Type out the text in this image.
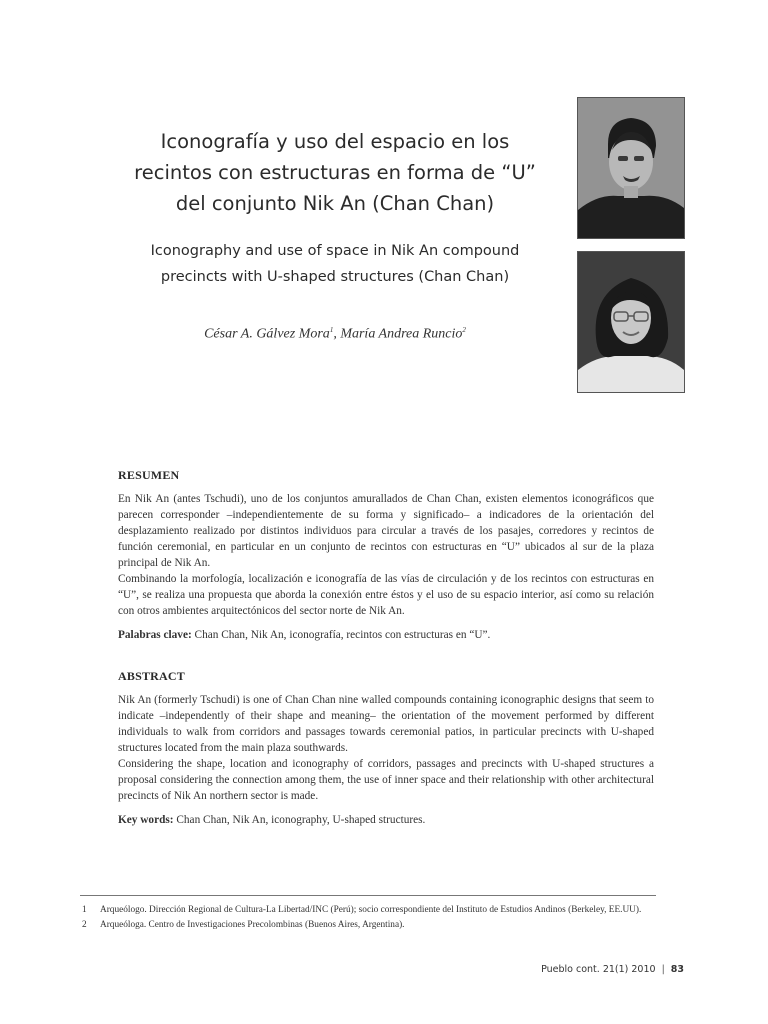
Iconografía y uso del espacio en los
recintos con estructuras en forma de “U”
del conjunto Nik An (Chan Chan)
Iconography and use of space in Nik An compound
precincts with U-shaped structures (Chan Chan)
César A. Gálvez Mora$^1$, María Andrea Runcio$^2$
RESUMEN

En Nik An (antes Tschudi), uno de los conjuntos amurallados de Chan Chan, existen elementos iconográficos que parecen corresponder –independientemente de su forma y significado– a indicadores de la orientación del desplazamiento realizado por distintos individuos para circular a través de los pasajes, corredores y recintos de función ceremonial, en particular en un conjunto de recintos con estructuras en “U” ubicados al sur de la plaza principal de Nik An.

Combinando la morfología, localización e iconografía de las vías de circulación y de los recintos con estructuras en “U”, se realiza una propuesta que aborda la conexión entre éstos y el uso de su espacio interior, así como su relación con otros ambientes arquitectónicos del sector norte de Nik An.

Palabras clave: Chan Chan, Nik An, iconografía, recintos con estructuras en “U”.

ABSTRACT

Nik An (formerly Tschudi) is one of Chan Chan nine walled compounds containing iconographic designs that seem to indicate –independently of their shape and meaning– the orientation of the movement performed by different individuals to walk from corridors and passages towards ceremonial patios, in particular precincts with U-shaped structures located from the main plaza southwards.

Considering the shape, location and iconography of corridors, passages and precincts with U-shaped structures a proposal considering the connection among them, the use of inner space and their relationship with other architectural precincts of Nik An northern sector is made.

Key words: Chan Chan, Nik An, iconography, U-shaped structures.

1 Arqueólogo. Dirección Regional de Cultura-La Libertad/INC (Perú); socio correspondiente del Instituto de Estudios Andinos (Berkeley, EE.UU).
2 Arqueóloga. Centro de Investigaciones Precolombinas (Buenos Aires, Argentina).
Pueblo cont. 21(1) 2010 | 83
